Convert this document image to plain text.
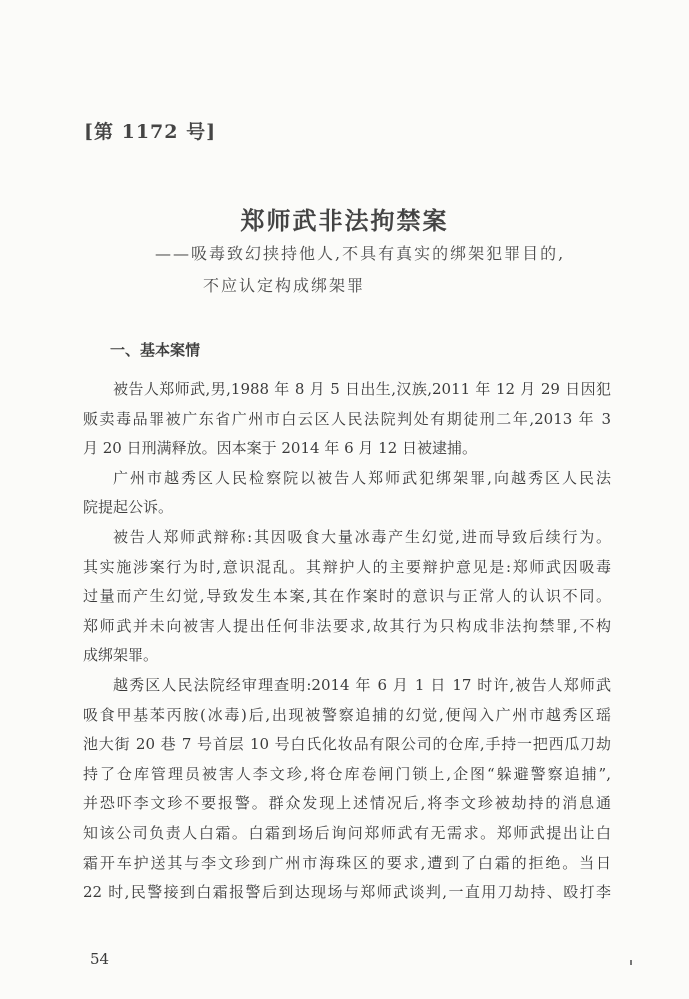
[第 1172 号]
郑师武非法拘禁案
——吸毒致幻挟持他人,不具有真实的绑架犯罪目的,
不应认定构成绑架罪
一、基本案情

被告人郑师武,男,1988 年 8 月 5 日出生,汉族,2011 年 12 月 29 日因犯
贩卖毒品罪被广东省广州市白云区人民法院判处有期徒刑二年,2013 年 3
月 20 日刑满释放。因本案于 2014 年 6 月 12 日被逮捕。

广州市越秀区人民检察院以被告人郑师武犯绑架罪,向越秀区人民法
院提起公诉。

被告人郑师武辩称:其因吸食大量冰毒产生幻觉,进而导致后续行为。
其实施涉案行为时,意识混乱。其辩护人的主要辩护意见是:郑师武因吸毒
过量而产生幻觉,导致发生本案,其在作案时的意识与正常人的认识不同。
郑师武并未向被害人提出任何非法要求,故其行为只构成非法拘禁罪,不构
成绑架罪。

越秀区人民法院经审理查明:2014 年 6 月 1 日 17 时许,被告人郑师武
吸食甲基苯丙胺(冰毒)后,出现被警察追捕的幻觉,便闯入广州市越秀区瑶
池大街 20 巷 7 号首层 10 号白氏化妆品有限公司的仓库,手持一把西瓜刀劫
持了仓库管理员被害人李文珍,将仓库卷闸门锁上,企图“躲避警察追捕”,
并恐吓李文珍不要报警。群众发现上述情况后,将李文珍被劫持的消息通
知该公司负责人白霜。白霜到场后询问郑师武有无需求。郑师武提出让白
霜开车护送其与李文珍到广州市海珠区的要求,遭到了白霜的拒绝。当日
22 时,民警接到白霜报警后到达现场与郑师武谈判,一直用刀劫持、殴打李

54
